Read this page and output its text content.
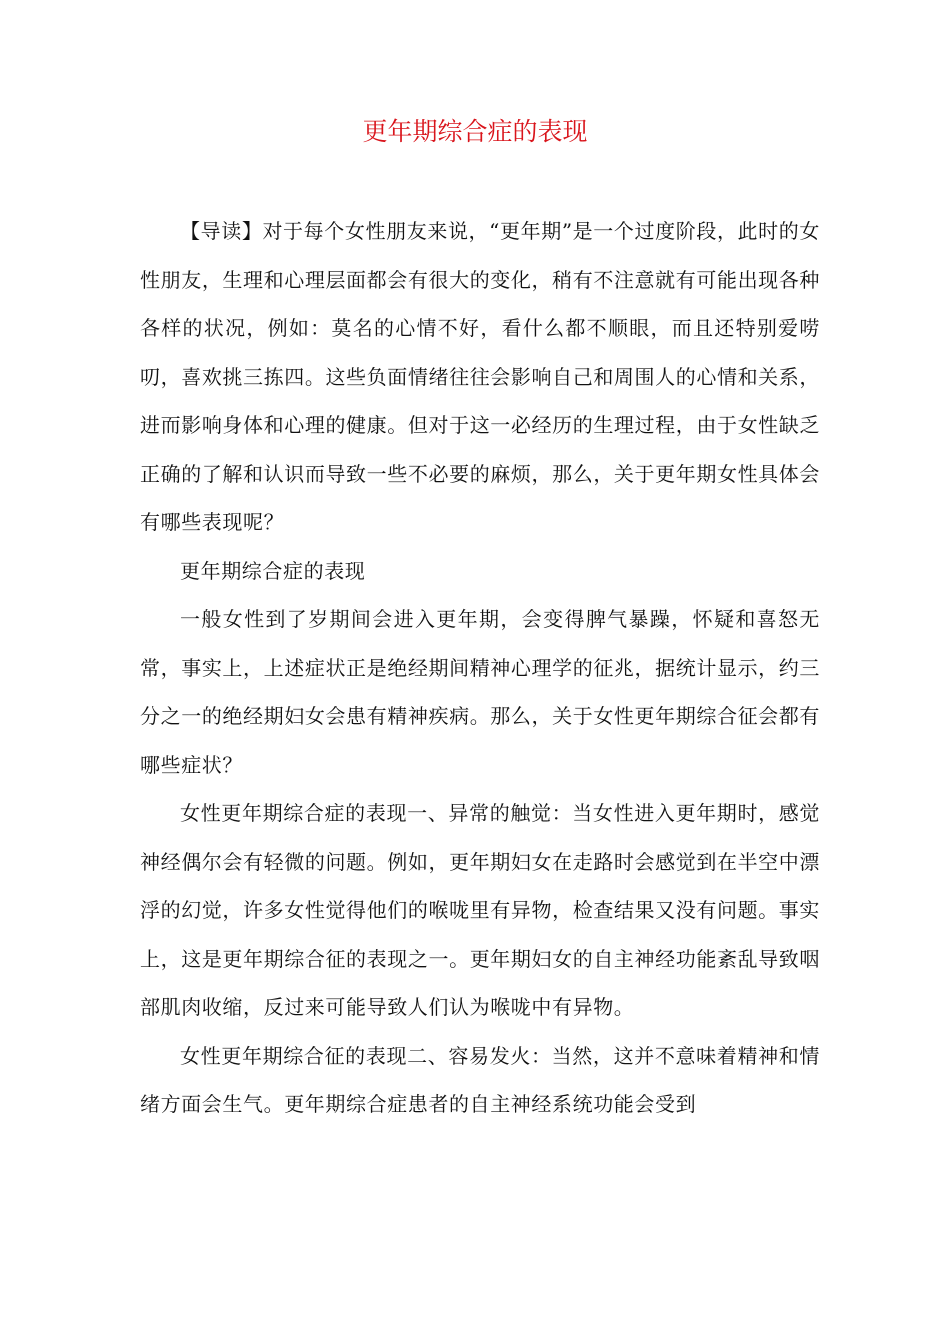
更年期综合症的表现

【导读】对于每个女性朋友来说，“更年期”是一个过度阶段，此时的女性朋友，生理和心理层面都会有很大的变化，稍有不注意就有可能出现各种各样的状况，例如：莫名的心情不好，看什么都不顺眼，而且还特别爱唠叨，喜欢挑三拣四。这些负面情绪往往会影响自己和周围人的心情和关系，进而影响身体和心理的健康。但对于这一必经历的生理过程，由于女性缺乏正确的了解和认识而导致一些不必要的麻烦，那么，关于更年期女性具体会有哪些表现呢？

更年期综合症的表现

一般女性到了岁期间会进入更年期，会变得脾气暴躁，怀疑和喜怒无常，事实上，上述症状正是绝经期间精神心理学的征兆，据统计显示，约三分之一的绝经期妇女会患有精神疾病。那么，关于女性更年期综合征会都有哪些症状？

女性更年期综合症的表现一、异常的触觉：当女性进入更年期时，感觉神经偶尔会有轻微的问题。例如，更年期妇女在走路时会感觉到在半空中漂浮的幻觉，许多女性觉得他们的喉咙里有异物，检查结果又没有问题。事实上，这是更年期综合征的表现之一。更年期妇女的自主神经功能紊乱导致咽部肌肉收缩，反过来可能导致人们认为喉咙中有异物。

女性更年期综合征的表现二、容易发火：当然，这并不意味着精神和情绪方面会生气。更年期综合症患者的自主神经系统功能会受到
